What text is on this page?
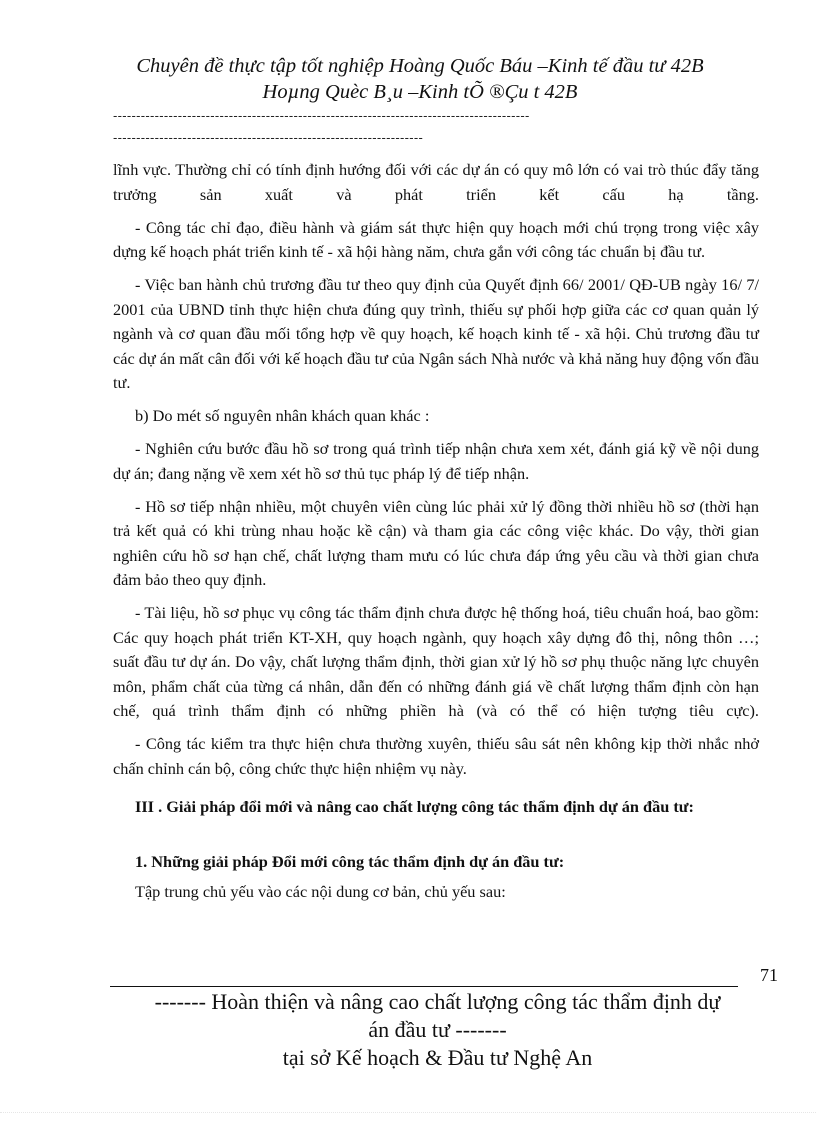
Chuyên đề thực tập tốt nghiệp Hoàng Quốc Báu –Kinh tế đầu tư 42B
Hoµng Quèc B¸u –Kinh tÕ ®Çu t 42B
------------------------------------------------------------------------------------------
-------------------------------------------------------------------

lĩnh vực. Thường chỉ có tính định hướng đối với các dự án có quy mô lớn có vai trò thúc đẩy tăng trưởng sản xuất và phát triển kết cấu hạ tầng.

- Công tác chỉ đạo, điều hành và giám sát thực hiện quy hoạch mới chú trọng trong việc xây dựng kế hoạch phát triển kinh tế - xã hội hàng năm, chưa gắn với công tác chuẩn bị đầu tư.

- Việc ban hành chủ trương đầu tư theo quy định của Quyết định 66/ 2001/ QĐ-UB ngày 16/ 7/ 2001 của UBND tỉnh thực hiện chưa đúng quy trình, thiếu sự phối hợp giữa các cơ quan quản lý ngành và cơ quan đầu mối tổng hợp về quy hoạch, kế hoạch kinh tế - xã hội. Chủ trương đầu tư các dự án mất cân đối với kế hoạch đầu tư của Ngân sách Nhà nước và khả năng huy động vốn đầu tư.

b) Do mét số nguyên nhân khách quan khác :

- Nghiên cứu bước đầu hồ sơ trong quá trình tiếp nhận chưa xem xét, đánh giá kỹ về nội dung dự án; đang nặng về xem xét hồ sơ thủ tục pháp lý để tiếp nhận.

- Hồ sơ tiếp nhận nhiều, một chuyên viên cùng lúc phải xử lý đồng thời nhiều hồ sơ (thời hạn trả kết quả có khi trùng nhau hoặc kề cận) và tham gia các công việc khác. Do vậy, thời gian nghiên cứu hồ sơ hạn chế, chất lượng tham mưu có lúc chưa đáp ứng yêu cầu và thời gian chưa đảm bảo theo quy định.

- Tài liệu, hồ sơ phục vụ công tác thẩm định chưa được hệ thống hoá, tiêu chuẩn hoá, bao gồm: Các quy hoạch phát triển KT-XH, quy hoạch ngành, quy hoạch xây dựng đô thị, nông thôn …; suất đầu tư dự án. Do vậy, chất lượng thẩm định, thời gian xử lý hồ sơ phụ thuộc năng lực chuyên môn, phẩm chất của từng cá nhân, dẫn đến có những đánh giá về chất lượng thẩm định còn hạn chế, quá trình thẩm định có những phiền hà (và có thể có hiện tượng tiêu cực).

- Công tác kiểm tra thực hiện chưa thường xuyên, thiếu sâu sát nên không kịp thời nhắc nhở chấn chỉnh cán bộ, công chức thực hiện nhiệm vụ này.

III . Giải pháp đổi mới và nâng cao chất lượng công tác thẩm định dự án đầu tư:

1. Những giải pháp Đổi mới công tác thẩm định dự án đầu tư:

Tập trung chủ yếu vào các nội dung cơ bản, chủ yếu sau:

71
------- Hoàn thiện và nâng cao chất lượng công tác thẩm định dự
án đầu tư -------
tại sở Kế hoạch & Đầu tư Nghệ An
